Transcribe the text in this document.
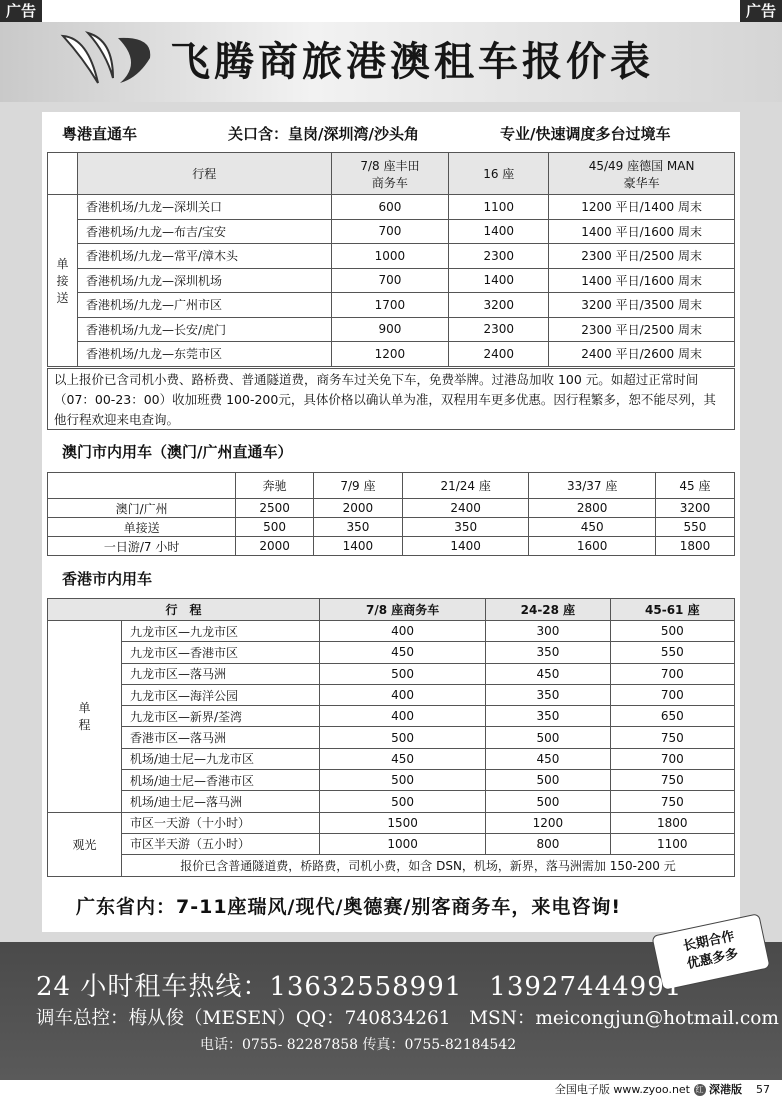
广告	广告
飞腾商旅港澳租车报价表
粤港直通车	关口含：皇岗/深圳湾/沙头角	专业/快速调度多台过境车
	行程	7/8 座丰田
商务车	16 座	45/49 座德国 MAN
豪华车
单
接
送	香港机场/九龙—深圳关口	600	1100	1200 平日/1400 周末
	香港机场/九龙—布吉/宝安	700	1400	1400 平日/1600 周末
	香港机场/九龙—常平/漳木头	1000	2300	2300 平日/2500 周末
	香港机场/九龙—深圳机场	700	1400	1400 平日/1600 周末
	香港机场/九龙—广州市区	1700	3200	3200 平日/3500 周末
	香港机场/九龙—长安/虎门	900	2300	2300 平日/2500 周末
	香港机场/九龙—东莞市区	1200	2400	2400 平日/2600 周末
以上报价已含司机小费、路桥费、普通隧道费，商务车过关免下车，免费举牌。过港岛加收 100 元。如超过正常时间（07：00-23：00）收加班费 100-200元，具体价格以确认单为准，双程用车更多优惠。因行程繁多，恕不能尽列，其他行程欢迎来电查询。
澳门市内用车（澳门/广州直通车）
	奔驰	7/9 座	21/24 座	33/37 座	45 座
澳门/广州	2500	2000	2400	2800	3200
单接送	500	350	350	450	550
一日游/7 小时	2000	1400	1400	1600	1800
香港市内用车
行　程		7/8 座商务车	24-28 座	45-61 座
单
程	九龙市区—九龙市区	400	300	500
	九龙市区—香港市区	450	350	550
	九龙市区—落马洲	500	450	700
	九龙市区—海洋公园	400	350	700
	九龙市区—新界/荃湾	400	350	650
	香港市区—落马洲	500	500	750
	机场/迪士尼—九龙市区	450	450	700
	机场/迪士尼—香港市区	500	500	750
	机场/迪士尼—落马洲	500	500	750
观光	市区一天游（十小时）	1500	1200	1800
	市区半天游（五小时）	1000	800	1100
	报价已含普通隧道费，桥路费，司机小费，如含 DSN，机场，新界，落马洲需加 150-200 元			
广东省内：7-11座瑞风/现代/奥德赛/别客商务车，来电咨询!
长期合作
优惠多多
24 小时租车热线：13632558991　13927444991
调车总控：梅从俊（MESEN）QQ：740834261　MSN：meicongjun@hotmail.com
电话：0755- 82287858 传真：0755-82184542
全国电子版 www.zyoo.net 红 深港版 57
